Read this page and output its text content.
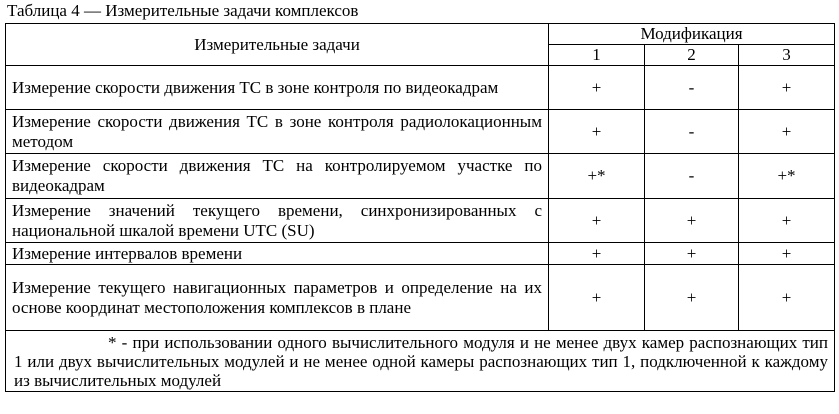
Таблица 4 — Измерительные задачи комплексов
Измерительные задачи	Модификация		
	1	2	3
Измерение скорости движения ТС в зоне контроля по видеокадрам	+	-	+
Измерение скорости движения ТС в зоне контроля радиолокационным методом	+	-	+
Измерение скорости движения ТС на контролируемом участке по видеокадрам	+*	-	+*
Измерение значений текущего времени, синхронизированных с национальной шкалой времени UTC (SU)	+	+	+
Измерение интервалов времени	+	+	+
Измерение текущего навигационных параметров и определение на их основе координат местоположения комплексов в плане	+	+	+
* - при использовании одного вычислительного модуля и не менее двух камер распознающих тип 1 или двух вычислительных модулей и не менее одной камеры распознающих тип 1, подключенной к каждому из вычислительных модулей			
